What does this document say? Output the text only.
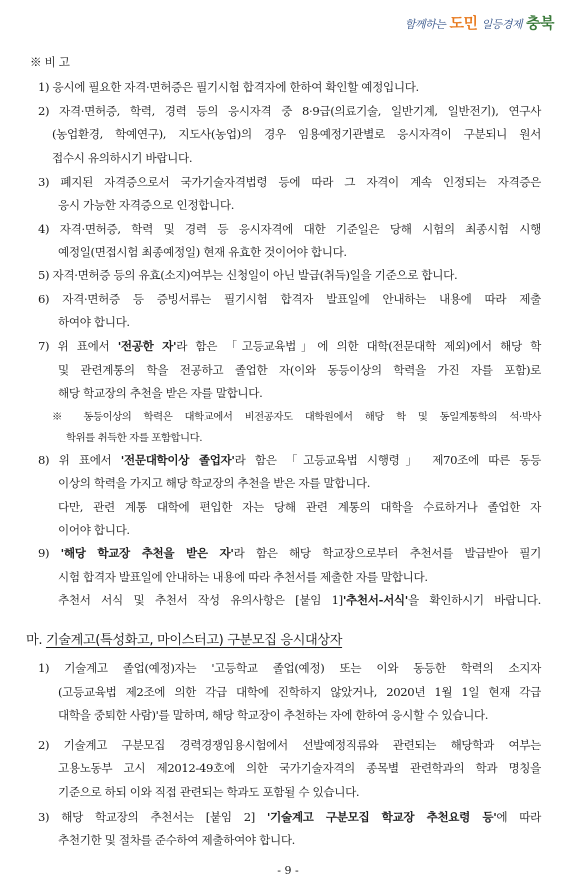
함께하는 도민 일등경제 충북
※ 비 고
1) 응시에 필요한 자격·면허증은 필기시험 합격자에 한하여 확인할 예정입니다.
2) 자격·면허증, 학력, 경력 등의 응시자격 중 8·9급(의료기술, 일반기계, 일반전기), 연구사
(농업환경, 학예연구), 지도사(농업)의 경우 임용예정기관별로 응시자격이 구분되니 원서
접수시 유의하시기 바랍니다.
3) 폐지된 자격증으로서 국가기술자격법령 등에 따라 그 자격이 계속 인정되는 자격증은
응시 가능한 자격증으로 인정합니다.
4) 자격·면허증, 학력 및 경력 등 응시자격에 대한 기준일은 당해 시험의 최종시험 시행
예정일(면접시험 최종예정일) 현재 유효한 것이어야 합니다.
5) 자격·면허증 등의 유효(소지)여부는 신청일이 아닌 발급(취득)일을 기준으로 합니다.
6) 자격·면허증 등 증빙서류는 필기시험 합격자 발표일에 안내하는 내용에 따라 제출
하여야 합니다.
7) 위 표에서 '전공한 자'라 함은 「고등교육법」에 의한 대학(전문대학 제외)에서 해당 학
및 관련계통의 학을 전공하고 졸업한 자(이와 동등이상의 학력을 가진 자를 포함)로
해당 학교장의 추천을 받은 자를 말합니다.
※ 동등이상의 학력은 대학교에서 비전공자도 대학원에서 해당 학 및 동일계통학의 석·박사
학위를 취득한 자를 포함합니다.
8) 위 표에서 '전문대학이상 졸업자'라 함은 「고등교육법 시행령」 제70조에 따른 동등
이상의 학력을 가지고 해당 학교장의 추천을 받은 자를 말합니다.
다만, 관련 계통 대학에 편입한 자는 당해 관련 계통의 대학을 수료하거나 졸업한 자
이어야 합니다.
9) '해당 학교장 추천을 받은 자'라 함은 해당 학교장으로부터 추천서를 발급받아 필기
시험 합격자 발표일에 안내하는 내용에 따라 추천서를 제출한 자를 말합니다.
추천서 서식 및 추천서 작성 유의사항은 [붙임 1]'추천서-서식'을 확인하시기 바랍니다.
마. 기술계고(특성화고, 마이스터고) 구분모집 응시대상자
1) 기술계고 졸업(예정)자는 '고등학교 졸업(예정) 또는 이와 동등한 학력의 소지자
(고등교육법 제2조에 의한 각급 대학에 진학하지 않았거나, 2020년 1월 1일 현재 각급
대학을 중퇴한 사람)'를 말하며, 해당 학교장이 추천하는 자에 한하여 응시할 수 있습니다.
2) 기술계고 구분모집 경력경쟁임용시험에서 선발예정직류와 관련되는 해당학과 여부는
고용노동부 고시 제2012-49호에 의한 국가기술자격의 종목별 관련학과의 학과 명칭을
기준으로 하되 이와 직접 관련되는 학과도 포함될 수 있습니다.
3) 해당 학교장의 추천서는 [붙임 2] '기술계고 구분모집 학교장 추천요령 등'에 따라
추천기한 및 절차를 준수하여 제출하여야 합니다.
- 9 -
